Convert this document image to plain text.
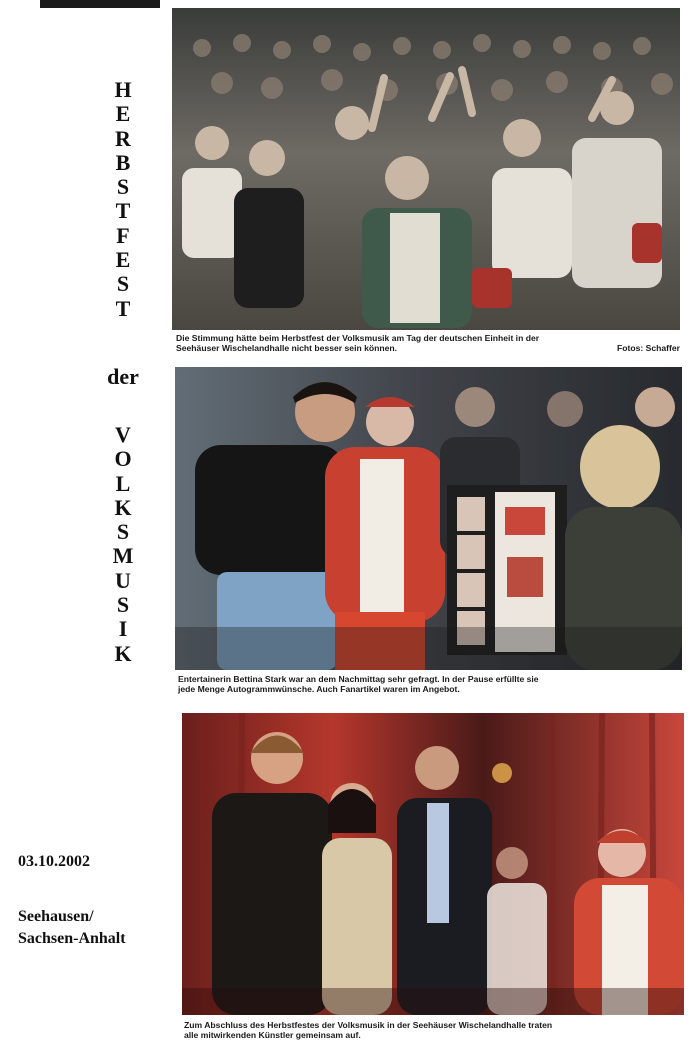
H
E
R
B
S
T
F
E
S
T
der
V
O
L
K
S
M
U
S
I
K
03.10.2002
Seehausen/
Sachsen-Anhalt
Die Stimmung hätte beim Herbstfest der Volksmusik am Tag der deutschen Einheit in der
Seehäuser Wischelandhalle nicht besser sein können.	Fotos: Schaffer
Entertainerin Bettina Stark war an dem Nachmittag sehr gefragt. In der Pause erfüllte sie
jede Menge Autogrammwünsche. Auch Fanartikel waren im Angebot.
Zum Abschluss des Herbstfestes der Volksmusik in der Seehäuser Wischelandhalle traten
alle mitwirkenden Künstler gemeinsam auf.
